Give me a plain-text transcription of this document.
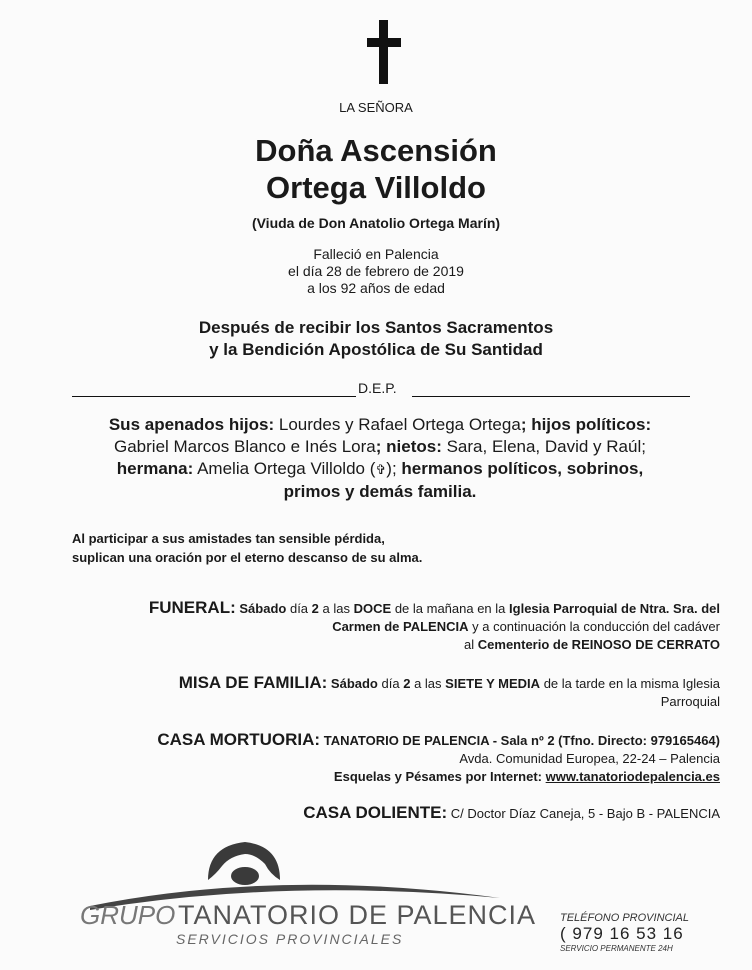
LA SEÑORA
Doña Ascensión
Ortega Villoldo
(Viuda de Don Anatolio Ortega Marín)
Falleció en Palencia
el día 28 de febrero de 2019
a los 92 años de edad
Después de recibir los Santos Sacramentos
y la Bendición Apostólica de Su Santidad
D.E.P.
Sus apenados hijos: Lourdes y Rafael Ortega Ortega; hijos políticos:
Gabriel Marcos Blanco e Inés Lora; nietos: Sara, Elena, David y Raúl;
hermana: Amelia Ortega Villoldo (✞); hermanos políticos, sobrinos,
primos y demás familia.
Al participar a sus amistades tan sensible pérdida,
suplican una oración por el eterno descanso de su alma.
FUNERAL: Sábado día 2 a las DOCE de la mañana en la Iglesia Parroquial de Ntra. Sra. del
Carmen de PALENCIA y a continuación la conducción del cadáver
al Cementerio de REINOSO DE CERRATO
MISA DE FAMILIA: Sábado día 2 a las SIETE Y MEDIA de la tarde en la misma Iglesia
Parroquial
CASA MORTUORIA: TANATORIO DE PALENCIA - Sala nº 2 (Tfno. Directo: 979165464)
Avda. Comunidad Europea, 22-24 – Palencia
Esquelas y Pésames por Internet: www.tanatoriodepalencia.es
CASA DOLIENTE: C/ Doctor Díaz Caneja, 5 - Bajo B - PALENCIA
GRUPO TANATORIO DE PALENCIA
SERVICIOS PROVINCIALES
TELÉFONO PROVINCIAL
( 979 16 53 16
SERVICIO PERMANENTE 24H
